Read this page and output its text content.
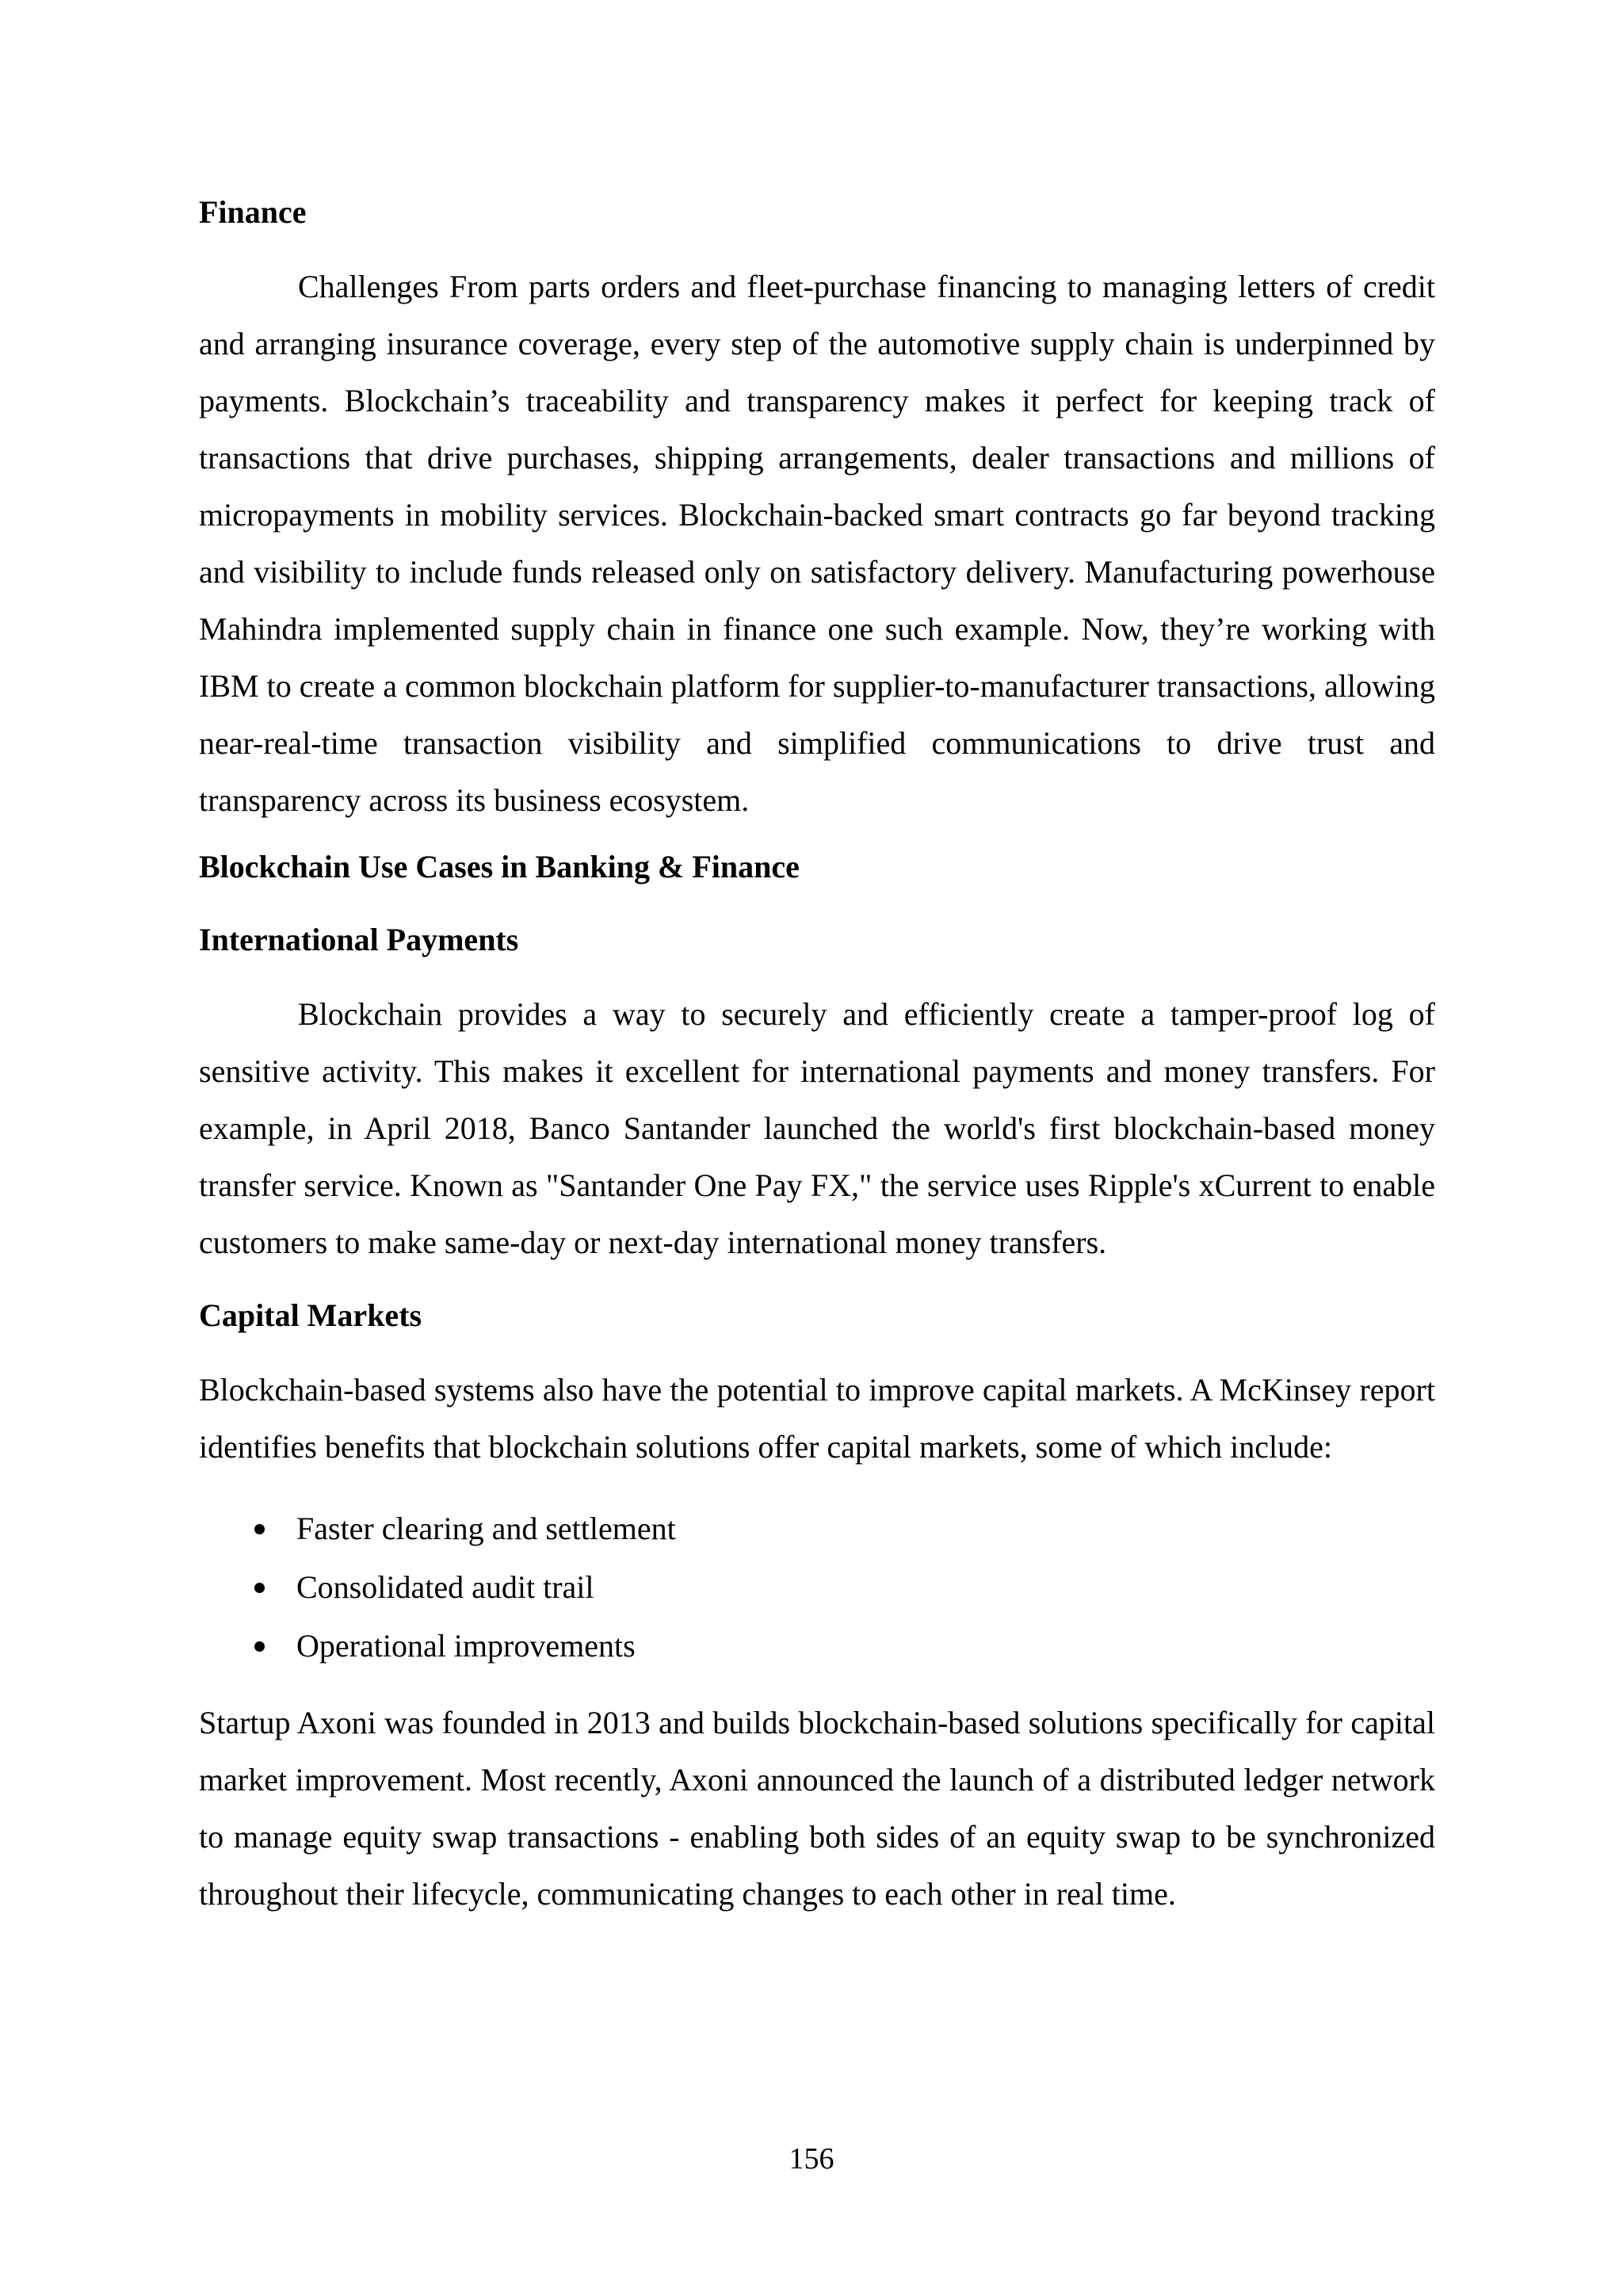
Finance

Challenges From parts orders and fleet-purchase financing to managing letters of credit and arranging insurance coverage, every step of the automotive supply chain is underpinned by payments. Blockchain’s traceability and transparency makes it perfect for keeping track of transactions that drive purchases, shipping arrangements, dealer transactions and millions of micropayments in mobility services. Blockchain-backed smart contracts go far beyond tracking and visibility to include funds released only on satisfactory delivery. Manufacturing powerhouse Mahindra implemented supply chain in finance one such example. Now, they’re working with IBM to create a common blockchain platform for supplier-to-manufacturer transactions, allowing near-real-time transaction visibility and simplified communications to drive trust and transparency across its business ecosystem.

Blockchain Use Cases in Banking & Finance
International Payments

Blockchain provides a way to securely and efficiently create a tamper-proof log of sensitive activity. This makes it excellent for international payments and money transfers. For example, in April 2018, Banco Santander launched the world's first blockchain-based money transfer service. Known as "Santander One Pay FX," the service uses Ripple's xCurrent to enable customers to make same-day or next-day international money transfers.

Capital Markets

Blockchain-based systems also have the potential to improve capital markets. A McKinsey report identifies benefits that blockchain solutions offer capital markets, some of which include:

Faster clearing and settlement
Consolidated audit trail
Operational improvements

Startup Axoni was founded in 2013 and builds blockchain-based solutions specifically for capital market improvement. Most recently, Axoni announced the launch of a distributed ledger network to manage equity swap transactions - enabling both sides of an equity swap to be synchronized throughout their lifecycle, communicating changes to each other in real time.

156
